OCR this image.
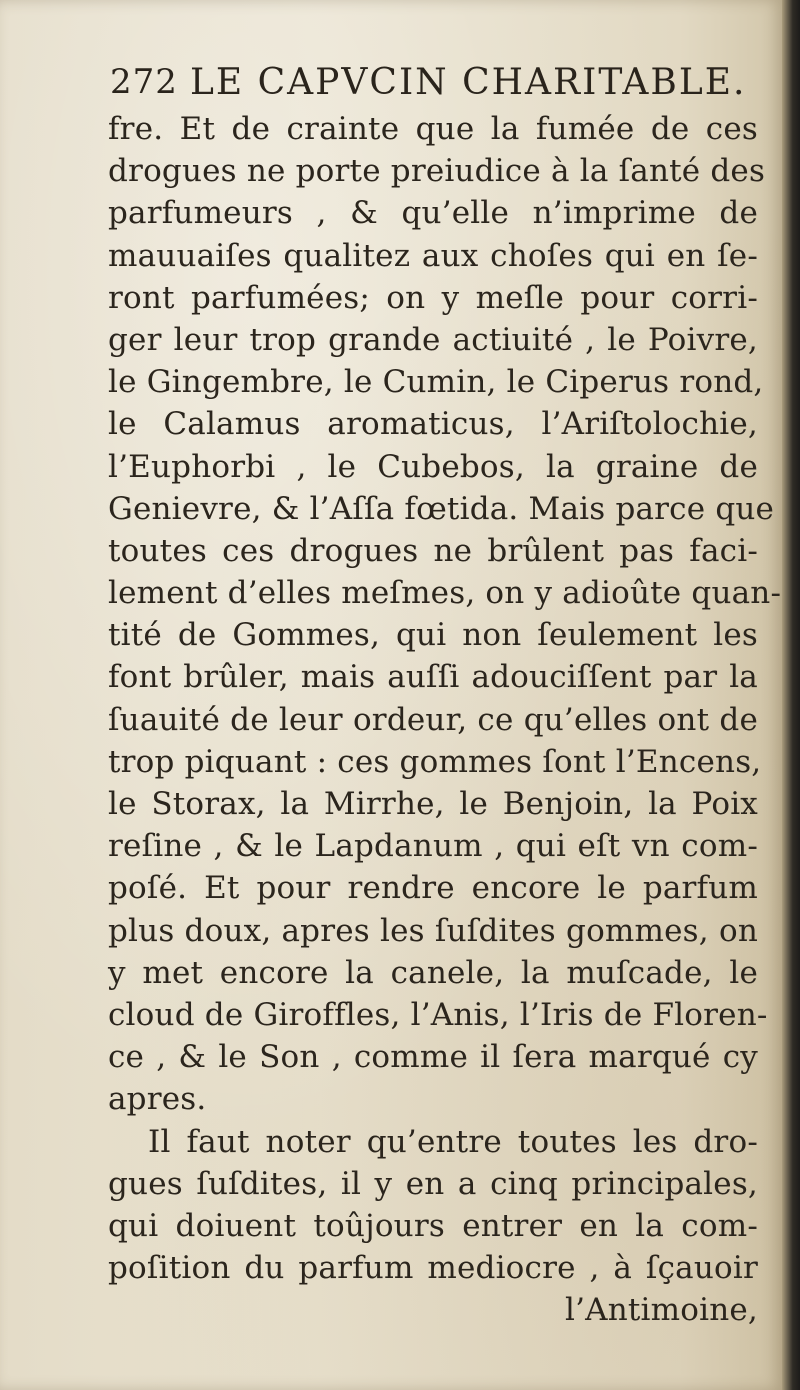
272 LE CAPVCIN CHARITABLE.
fre. Et de crainte que la fumée de ces
drogues ne porte preiudice à la ſanté des
parfumeurs , & qu’elle n’imprime de
mauuaiſes qualitez aux choſes qui en ſe-
ront parfumées; on y meſle pour corri-
ger leur trop grande actiuité , le Poivre,
le Gingembre, le Cumin, le Ciperus rond,
le Calamus aromaticus, l’Ariſtolochie,
l’Euphorbi , le Cubebos, la graine de
Genievre, & l’Aſſa fœtida. Mais parce que
toutes ces drogues ne brûlent pas faci-
lement d’elles meſmes, on y adioûte quan-
tité de Gommes, qui non ſeulement les
font brûler, mais auſſi adouciſſent par la
ſuauité de leur ordeur, ce qu’elles ont de
trop piquant : ces gommes ſont l’Encens,
le Storax, la Mirrhe, le Benjoin, la Poix
reſine , & le Lapdanum , qui eſt vn com-
poſé. Et pour rendre encore le parfum
plus doux, apres les ſuſdites gommes, on
y met encore la canele, la muſcade, le
cloud de Giroffles, l’Anis, l’Iris de Floren-
ce , & le Son , comme il ſera marqué cy
apres.
Il faut noter qu’entre toutes les dro-
gues ſuſdites, il y en a cinq principales,
qui doiuent toûjours entrer en la com-
poſition du parfum mediocre , à ſçauoir
l’Antimoine,
